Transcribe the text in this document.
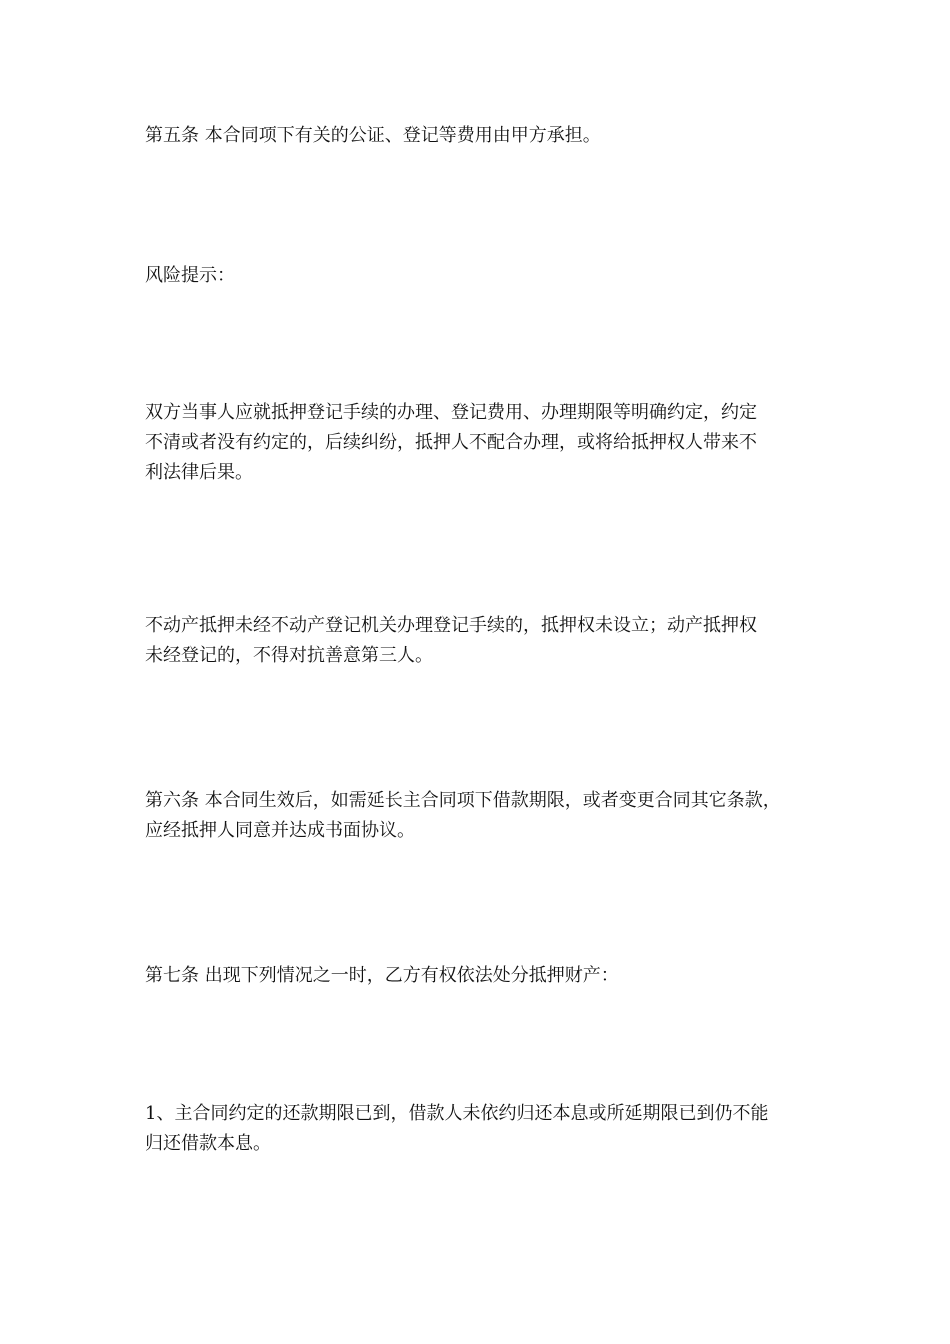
第五条 本合同项下有关的公证、登记等费用由甲方承担。

风险提示：

双方当事人应就抵押登记手续的办理、登记费用、办理期限等明确约定，约定
不清或者没有约定的，后续纠纷，抵押人不配合办理，或将给抵押权人带来不
利法律后果。

不动产抵押未经不动产登记机关办理登记手续的，抵押权未设立；动产抵押权
未经登记的，不得对抗善意第三人。

第六条 本合同生效后，如需延长主合同项下借款期限，或者变更合同其它条款，
应经抵押人同意并达成书面协议。

第七条 出现下列情况之一时，乙方有权依法处分抵押财产：

1、主合同约定的还款期限已到，借款人未依约归还本息或所延期限已到仍不能
归还借款本息。
